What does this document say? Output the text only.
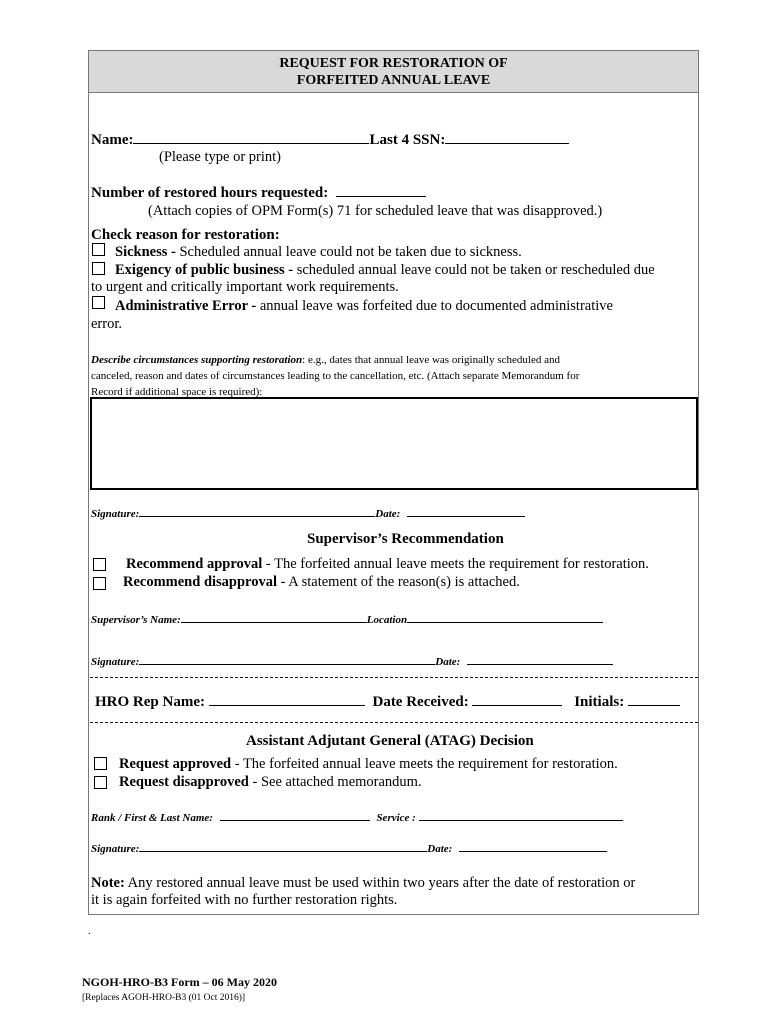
REQUEST FOR RESTORATION OF
FORFEITED ANNUAL LEAVE
Name:	Last 4 SSN:
(Please type or print)
Number of restored hours requested:
(Attach copies of OPM Form(s) 71 for scheduled leave that was disapproved.)
Check reason for restoration:
Sickness - Scheduled annual leave could not be taken due to sickness.
Exigency of public business - scheduled annual leave could not be taken or rescheduled due
to urgent and critically important work requirements.
Administrative Error - annual leave was forfeited due to documented administrative
error.
Describe circumstances supporting restoration: e.g., dates that annual leave was originally scheduled and
canceled, reason and dates of circumstances leading to the cancellation, etc. (Attach separate Memorandum for
Record if additional space is required):
Signature:	Date:
Supervisor’s Recommendation
Recommend approval - The forfeited annual leave meets the requirement for restoration.
Recommend disapproval - A statement of the reason(s) is attached.
Supervisor’s Name:	Location
Signature:	Date:
HRO Rep Name:	Date Received:	Initials:
Assistant Adjutant General (ATAG) Decision
Request approved - The forfeited annual leave meets the requirement for restoration.
Request disapproved - See attached memorandum.
Rank / First & Last Name:	Service :
Signature:	Date:
Note: Any restored annual leave must be used within two years after the date of restoration or
it is again forfeited with no further restoration rights.
.
NGOH-HRO-B3 Form – 06 May 2020
[Replaces AGOH-HRO-B3 (01 Oct 2016)]
